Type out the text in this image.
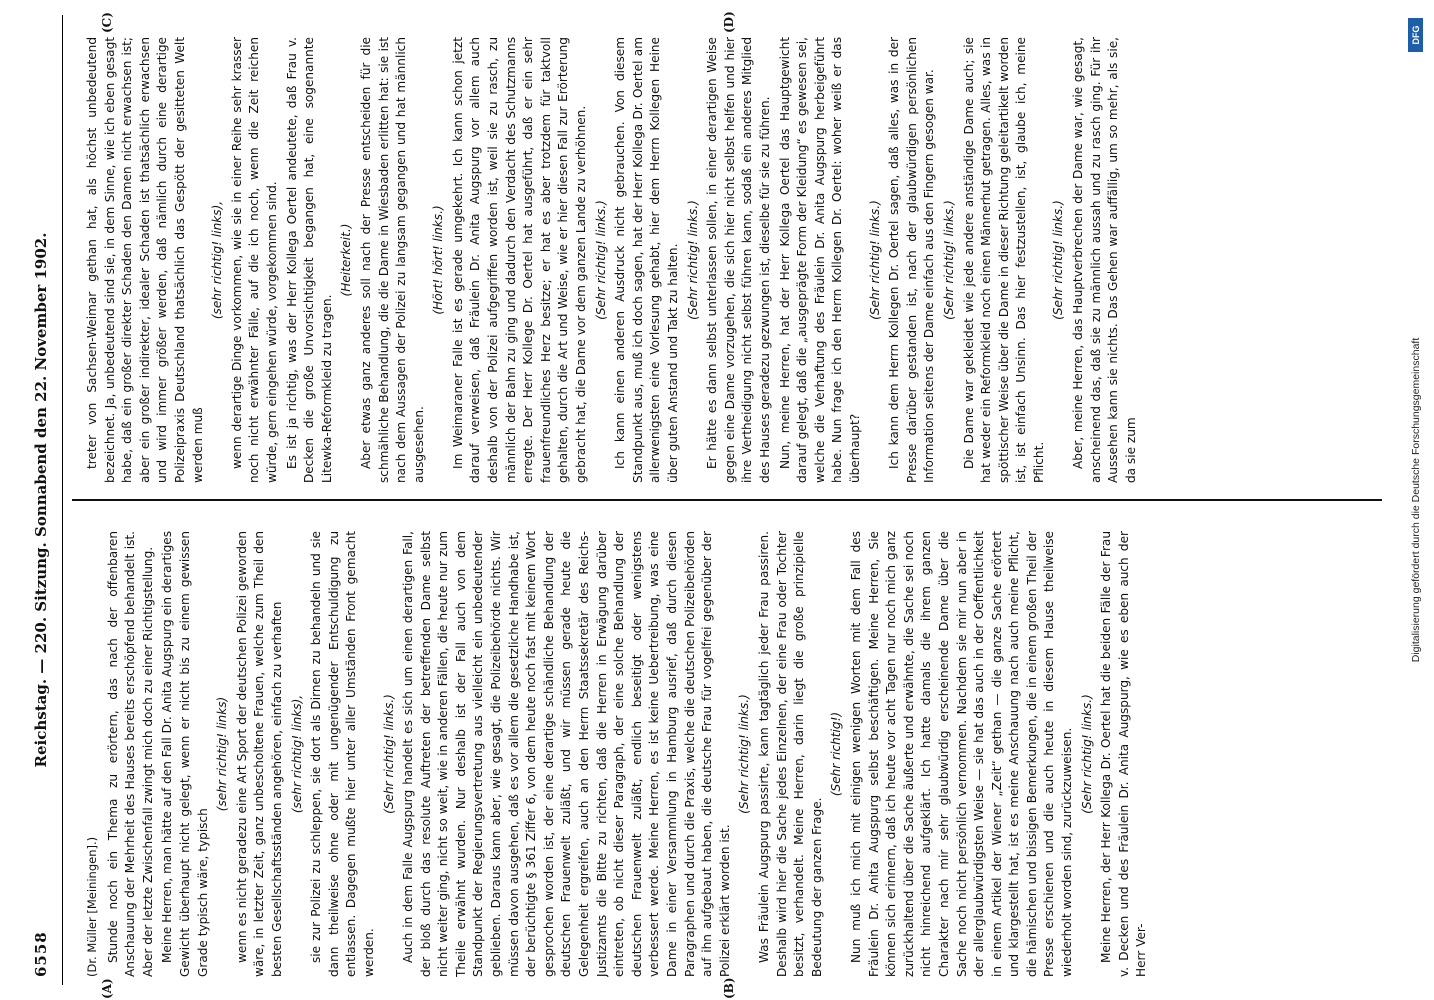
6558
Reichstag. — 220. Sitzung. Sonnabend den 22. November 1902.

(Dr. Müller [Meiningen].) Stunde noch ein Thema zu erörtern, das nach der offenbaren Anschauung der Mehrheit des Hauses bereits erschöpfend behandelt ist. Aber der letzte Zwischenfall zwingt mich doch zu einer Richtigstellung. Meine Herren, man hätte auf den Fall Dr. Anita Augspurg ein derartiges Gewicht überhaupt nicht gelegt, wenn er nicht bis zu einem gewissen Grade typisch wäre, typisch

(sehr richtig! links) wenn es nicht geradezu eine Art Sport der deutschen Polizei geworden wäre, in letzter Zeit, ganz unbescholtene Frauen, welche zum Theil den besten Gesellschaftsständen angehören, einfach zu verhaften (sehr richtig! links), sie zur Polizei zu schleppen, sie dort als Dirnen zu behandeln und sie dann theilweise ohne oder mit ungenügender Entschuldigung zu entlassen. Dagegen mußte hier unter aller Umständen Front gemacht werden.

(Sehr richtig! links.) Auch in dem Falle Augspurg handelt es sich um einen derartigen Fall, der bloß durch das resolute Auftreten der betreffenden Dame selbst nicht weiter ging, nicht so weit, wie in anderen Fällen, die heute nur zum Theile erwähnt wurden. Nur deshalb ist der Fall auch von dem Standpunkt der Regierungsvertretung aus vielleicht ein unbedeutender geblieben. Daraus kann aber, wie gesagt, die Polizeibehörde nichts. Wir müssen davon ausgehen, daß es vor allem die gesetzliche Handhabe ist, der berüchtigte § 361 Ziffer 6, von dem heute noch fast mit keinem Wort gesprochen worden ist, der eine derartige schändliche Behandlung der deutschen Frauenwelt zuläßt, und wir müssen gerade heute die Gelegenheit ergreifen, auch an den Herrn Staatssekretär des Reichs-Justizamts die Bitte zu richten, daß die Herren in Erwägung darüber eintreten, ob nicht dieser Paragraph, der eine solche Behandlung der deutschen Frauenwelt zuläßt, endlich beseitigt oder wenigstens verbessert werde. Meine Herren, es ist keine Uebertreibung, was eine Dame in einer Versammlung in Hamburg ausrief, daß durch diesen Paragraphen und durch die Praxis, welche die deutschen Polizeibehörden auf ihn aufgebaut haben, die deutsche Frau für vogelfrei gegenüber der Polizei erklärt worden ist.

(Sehr richtig! links.) Was Fräulein Augspurg passirte, kann tagtäglich jeder Frau passiren. Deshalb wird hier die Sache jedes Einzelnen, der eine Frau oder Tochter besitzt, verhandelt. Meine Herren, darin liegt die große prinzipielle Bedeutung der ganzen Frage.

(Sehr richtig!) Nun muß ich mich mit einigen wenigen Worten mit dem Fall des Fräulein Dr. Anita Augspurg selbst beschäftigen. Meine Herren, Sie können sich erinnern, daß ich heute vor acht Tagen nur noch mich ganz zurückhaltend über die Sache äußerte und erwähnte, die Sache sei noch nicht hinreichend aufgeklärt. Ich hatte damals die ihrem ganzen Charakter nach mir sehr glaubwürdig erscheinende Dame über die Sache noch nicht persönlich vernommen. Nachdem sie mir nun aber in der allerglaubwürdigsten Weise — sie hat das auch in der Oeffentlichkeit in einem Artikel der Wiener „Zeit“ gethan — die ganze Sache erörtert und klargestellt hat, ist es meine Anschauung nach auch meine Pflicht, die hämischen und bissigen Bemerkungen, die in einem großen Theil der Presse erschienen und die auch heute in diesem Hause theilweise wiederholt worden sind, zurückzuweisen. (Sehr richtig! links.) Meine Herren, der Herr Kollega Dr. Oertel hat die beiden Fälle der Frau v. Decken und des Fräulein Dr. Anita Augspurg, wie es eben auch der Herr Ver-

treter von Sachsen-Weimar gethan hat, als höchst unbedeutend bezeichnet. Ja, unbedeutend sind sie, in dem Sinne, wie ich eben gesagt habe, daß ein großer direkter Schaden den Damen nicht erwachsen ist; aber ein großer indirekter, idealer Schaden ist thatsächlich erwachsen und wird immer größer werden, daß nämlich durch eine derartige Polizeipraxis Deutschland thatsächlich das Gespött der gesitteten Welt werden muß

(sehr richtig! links), wenn derartige Dinge vorkommen, wie sie in einer Reihe sehr krasser noch nicht erwähnter Fälle, auf die ich noch, wenn die Zeit reichen würde, gern eingehen würde, vorgekommen sind. Es ist ja richtig, was der Herr Kollega Oertel andeutete, daß Frau v. Decken die große Unvorsichtigkeit begangen hat, eine sogenannte Litewka-Reformkleid zu tragen.

(Heiterkeit.) Aber etwas ganz anderes soll nach der Presse entscheiden für die schmähliche Behandlung, die die Dame in Wiesbaden erlitten hat: sie ist nach dem Aussagen der Polizei zu langsam gegangen und hat männlich ausgesehen.

(Hört! hört! links.) Im Weimaraner Falle ist es gerade umgekehrt. Ich kann schon jetzt darauf verweisen, daß Fräulein Dr. Anita Augspurg vor allem auch deshalb von der Polizei aufgegriffen worden ist, weil sie zu rasch, zu männlich der Bahn zu ging und dadurch den Verdacht des Schutzmanns erregte. Der Herr Kollege Dr. Oertel hat ausgeführt, daß er ein sehr frauenfreundliches Herz besitze; er hat es aber trotzdem für taktvoll gehalten, durch die Art und Weise, wie er hier diesen Fall zur Erörterung gebracht hat, die Dame vor dem ganzen Lande zu verhöhnen. (Sehr richtig! links.) Ich kann einen anderen Ausdruck nicht gebrauchen. Von diesem Standpunkt aus, muß ich doch sagen, hat der Herr Kollega Dr. Oertel am allerwenigsten eine Vorlesung gehabt, hier dem Herrn Kollegen Heine über guten Anstand und Takt zu halten. (Sehr richtig! links.) Er hätte es dann selbst unterlassen sollen, in einer derartigen Weise gegen eine Dame vorzugehen, die sich hier nicht selbst helfen und hier ihre Vertheidigung nicht selbst führen kann, sodaß ein anderes Mitglied des Hauses geradezu gezwungen ist, dieselbe für sie zu führen. Nun, meine Herren, hat der Herr Kollega Oertel das Hauptgewicht darauf gelegt, daß die „ausgeprägte Form der Kleidung“ es gewesen sei, welche die Verhaftung des Fräulein Dr. Anita Augspurg herbeigeführt habe. Nun frage ich den Herrn Kollegen Dr. Oertel: woher weiß er das überhaupt?

(Sehr richtig! links.) Ich kann dem Herrn Kollegen Dr. Oertel sagen, daß alles, was in der Presse darüber gestanden ist, nach der glaubwürdigen persönlichen Information seitens der Dame einfach aus den Fingern gesogen war. (Sehr richtig! links.) Die Dame war gekleidet wie jede andere anständige Dame auch; sie hat weder ein Reformkleid noch einen Männerhut getragen. Alles, was in spöttischer Weise über die Dame in dieser Richtung geleitartikelt worden ist, ist einfach Unsinn. Das hier festzustellen, ist, glaube ich, meine Pflicht.

(Sehr richtig! links.) Aber, meine Herren, das Hauptverbrechen der Dame war, wie gesagt, anscheinend das, daß sie zu männlich aussah und zu rasch ging. Für ihr Aussehen kann sie nichts. Das Gehen war auffällig, um so mehr, als sie, da sie zum

(A)	(B)
(C)	(D)
DFG
Digitalisierung gefördert durch die Deutsche Forschungsgemeinschaft
